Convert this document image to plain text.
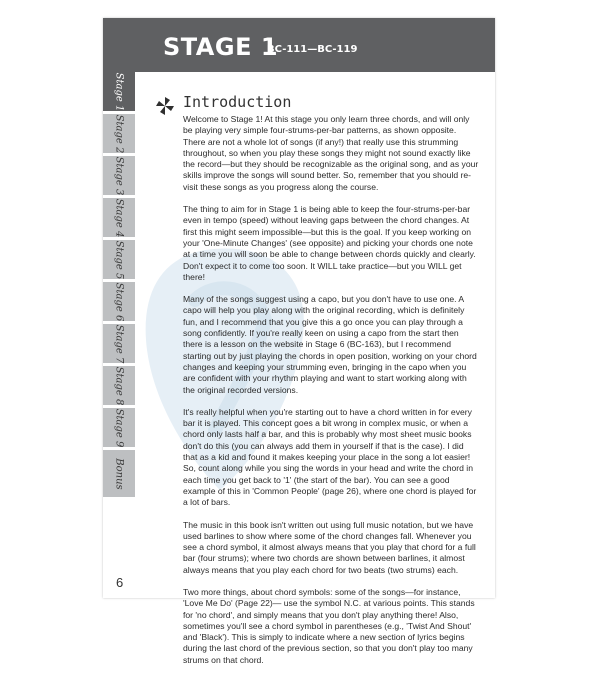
STAGE 1
BC-111—BC-119
Stage 1
Stage 2
Stage 3
Stage 4
Stage 5
Stage 6
Stage 7
Stage 8
Stage 9
Bonus
Introduction

Welcome to Stage 1! At this stage you only learn three chords, and will only be playing very simple four-strums-per-bar patterns, as shown opposite. There are not a whole lot of songs (if any!) that really use this strumming throughout, so when you play these songs they might not sound exactly like the record—but they should be recognizable as the original song, and as your skills improve the songs will sound better. So, remember that you should re-visit these songs as you progress along the course.

The thing to aim for in Stage 1 is being able to keep the four-strums-per-bar even in tempo (speed) without leaving gaps between the chord changes. At first this might seem impossible—but this is the goal. If you keep working on your 'One-Minute Changes' (see opposite) and picking your chords one note at a time you will soon be able to change between chords quickly and clearly. Don't expect it to come too soon. It WILL take practice—but you WILL get there!

Many of the songs suggest using a capo, but you don't have to use one. A capo will help you play along with the original recording, which is definitely fun, and I recommend that you give this a go once you can play through a song confidently. If you're really keen on using a capo from the start then there is a lesson on the website in Stage 6 (BC-163), but I recommend starting out by just playing the chords in open position, working on your chord changes and keeping your strumming even, bringing in the capo when you are confident with your rhythm playing and want to start working along with the original recorded versions.

It's really helpful when you're starting out to have a chord written in for every bar it is played. This concept goes a bit wrong in complex music, or when a chord only lasts half a bar, and this is probably why most sheet music books don't do this (you can always add them in yourself if that is the case). I did that as a kid and found it makes keeping your place in the song a lot easier! So, count along while you sing the words in your head and write the chord in each time you get back to '1' (the start of the bar). You can see a good example of this in 'Common People' (page 26), where one chord is played for a lot of bars.

The music in this book isn't written out using full music notation, but we have used barlines to show where some of the chord changes fall. Whenever you see a chord symbol, it almost always means that you play that chord for a full bar (four strums); where two chords are shown between barlines, it almost always means that you play each chord for two beats (two strums) each.

Two more things, about chord symbols: some of the songs—for instance, 'Love Me Do' (Page 22)— use the symbol N.C. at various points. This stands for 'no chord', and simply means that you don't play anything there! Also, sometimes you'll see a chord symbol in parentheses (e.g., 'Twist And Shout' and 'Black'). This is simply to indicate where a new section of lyrics begins during the last chord of the previous section, so that you don't play too many strums on that chord.

6
